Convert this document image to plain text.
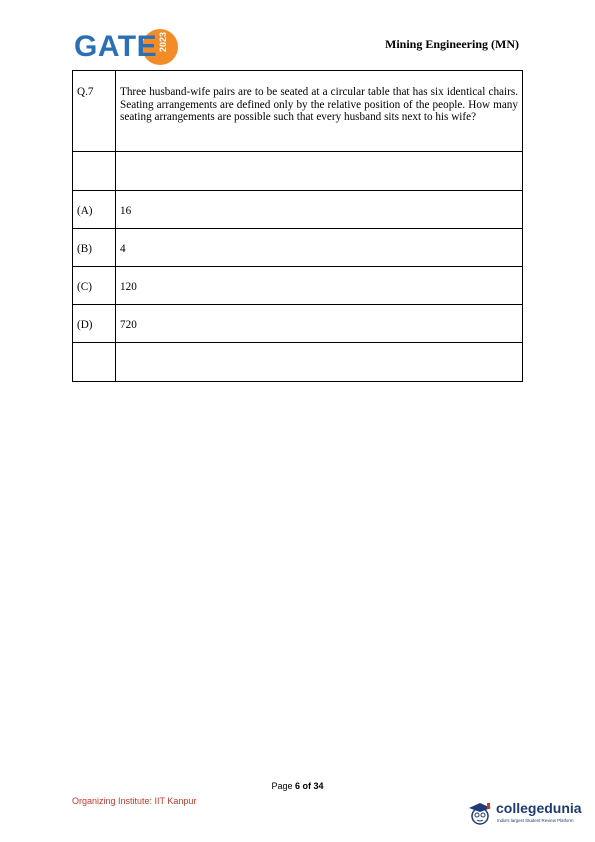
GATE 2023	Mining Engineering (MN)
Q.7	Three husband-wife pairs are to be seated at a circular table that has six identical chairs. Seating arrangements are defined only by the relative position of the people. How many seating arrangements are possible such that every husband sits next to his wife?

(A)	16

(B)	4

(C)	120

(D)	720

Page 6 of 34
Organizing Institute: IIT Kanpur	collegedunia
India's largest Student Review Platform
